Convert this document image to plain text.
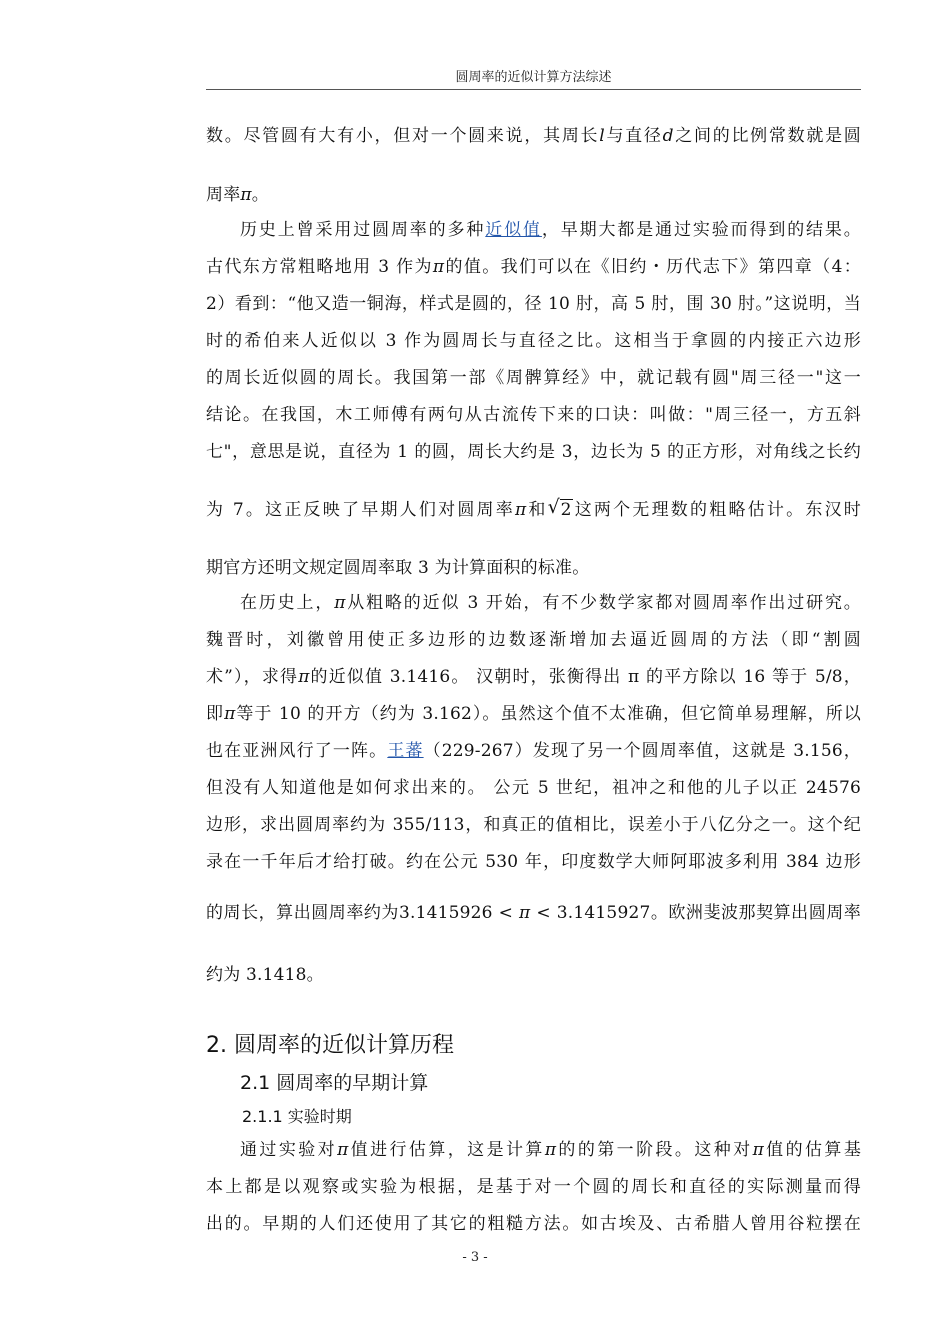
圆周率的近似计算方法综述
数。尽管圆有大有小，但对一个圆来说，其周长l与直径d之间的比例常数就是圆
周率π。
历史上曾采用过圆周率的多种近似值，早期大都是通过实验而得到的结果。
古代东方常粗略地用 3 作为π的值。我们可以在《旧约・历代志下》第四章（4：
2）看到：“他又造一铜海，样式是圆的，径 10 肘，高 5 肘，围 30 肘。”这说明，当
时的希伯来人近似以 3 作为圆周长与直径之比。这相当于拿圆的内接正六边形
的周长近似圆的周长。我国第一部《周髀算经》中，就记载有圆"周三径一"这一
结论。在我国，木工师傅有两句从古流传下来的口诀：叫做："周三径一，方五斜
七"，意思是说，直径为 1 的圆，周长大约是 3，边长为 5 的正方形，对角线之长约
为 7。这正反映了早期人们对圆周率π和 √ 2这两个无理数的粗略估计。东汉时
期官方还明文规定圆周率取 3 为计算面积的标准。
在历史上，π从粗略的近似 3 开始，有不少数学家都对圆周率作出过研究。
魏晋时，刘徽曾用使正多边形的边数逐渐增加去逼近圆周的方法（即“割圆
术”），求得π的近似值 3.1416。 汉朝时，张衡得出 π 的平方除以 16 等于 5/8，
即π等于 10 的开方（约为 3.162）。虽然这个值不太准确，但它简单易理解，所以
也在亚洲风行了一阵。王蕃（229-267）发现了另一个圆周率值，这就是 3.156，
但没有人知道他是如何求出来的。 公元 5 世纪，祖冲之和他的儿子以正 24576
边形，求出圆周率约为 355/113，和真正的值相比，误差小于八亿分之一。这个纪
录在一千年后才给打破。约在公元 530 年，印度数学大师阿耶波多利用 384 边形
的周长，算出圆周率约为3.1415926 < π < 3.1415927。欧洲斐波那契算出圆周率
约为 3.1418。
2. 圆周率的近似计算历程
2.1 圆周率的早期计算
2.1.1 实验时期
通过实验对π值进行估算，这是计算π的的第一阶段。这种对π值的估算基
本上都是以观察或实验为根据，是基于对一个圆的周长和直径的实际测量而得
出的。早期的人们还使用了其它的粗糙方法。如古埃及、古希腊人曾用谷粒摆在
- 3 -
